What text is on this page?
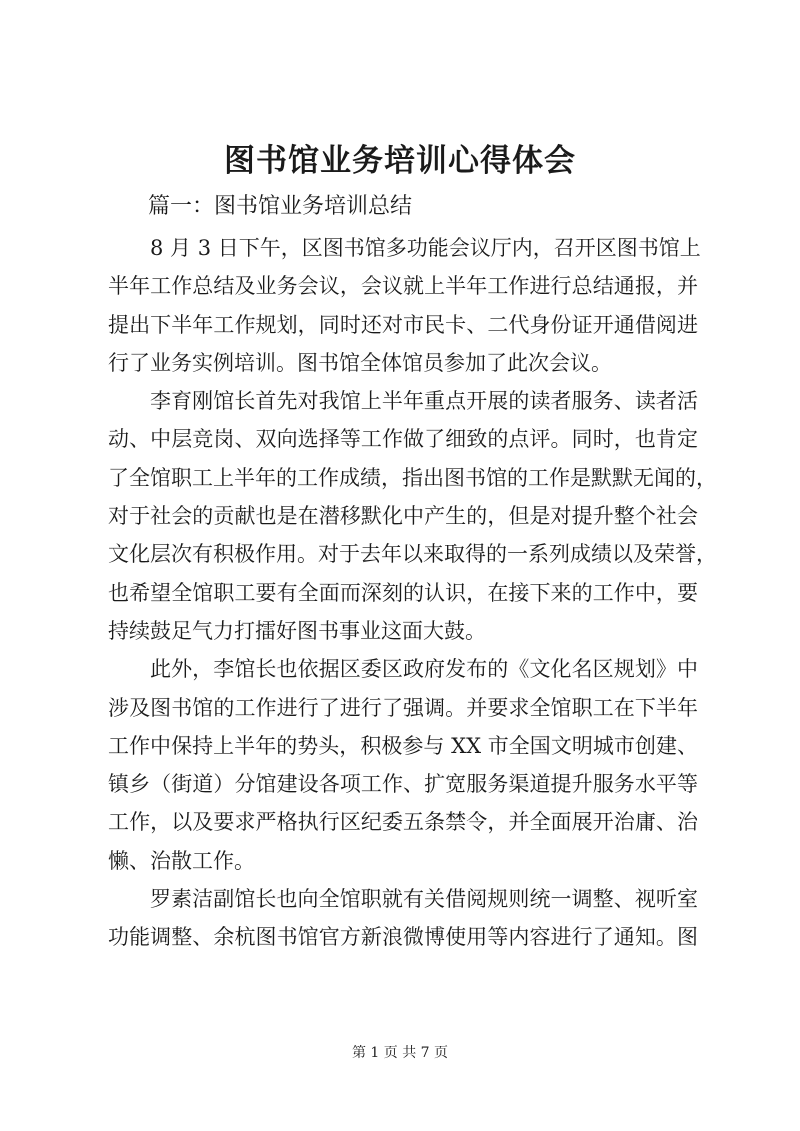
图书馆业务培训心得体会

篇一：图书馆业务培训总结

8 月 3 日下午，区图书馆多功能会议厅内，召开区图书馆上
半年工作总结及业务会议，会议就上半年工作进行总结通报，并
提出下半年工作规划，同时还对市民卡、二代身份证开通借阅进
行了业务实例培训。图书馆全体馆员参加了此次会议。

李育刚馆长首先对我馆上半年重点开展的读者服务、读者活
动、中层竞岗、双向选择等工作做了细致的点评。同时，也肯定
了全馆职工上半年的工作成绩，指出图书馆的工作是默默无闻的，
对于社会的贡献也是在潜移默化中产生的，但是对提升整个社会
文化层次有积极作用。对于去年以来取得的一系列成绩以及荣誉，
也希望全馆职工要有全面而深刻的认识，在接下来的工作中，要
持续鼓足气力打擂好图书事业这面大鼓。

此外，李馆长也依据区委区政府发布的《文化名区规划》中
涉及图书馆的工作进行了进行了强调。并要求全馆职工在下半年
工作中保持上半年的势头，积极参与 XX 市全国文明城市创建、
镇乡（街道）分馆建设各项工作、扩宽服务渠道提升服务水平等
工作，以及要求严格执行区纪委五条禁令，并全面展开治庸、治
懒、治散工作。

罗素洁副馆长也向全馆职就有关借阅规则统一调整、视听室
功能调整、余杭图书馆官方新浪微博使用等内容进行了通知。图

第 1 页 共 7 页
